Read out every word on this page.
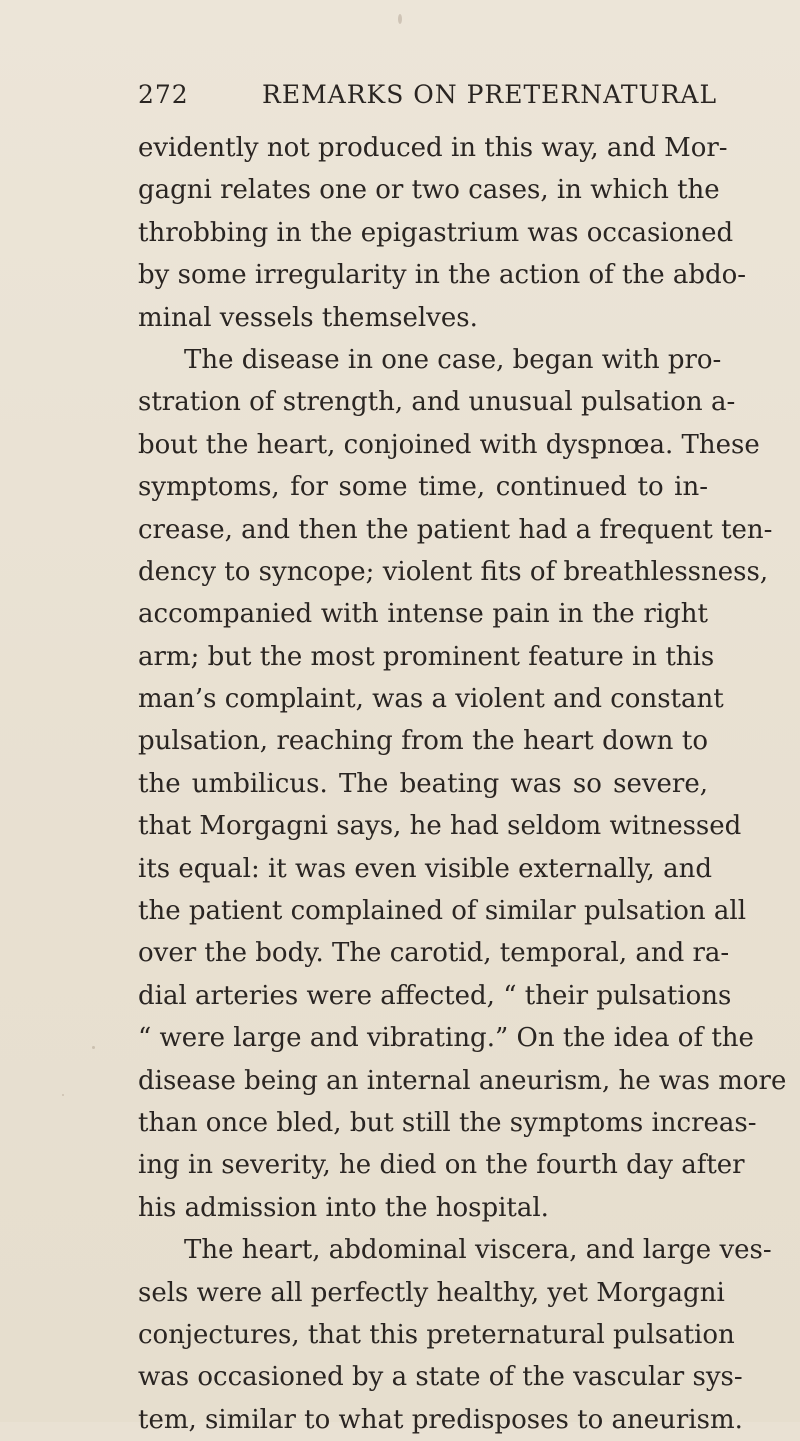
272	REMARKS ON PRETERNATURAL
evidently not produced in this way, and Mor-
gagni relates one or two cases, in which the
throbbing in the epigastrium was occasioned
by some irregularity in the action of the abdo-
minal vessels themselves.
The disease in one case, began with pro-
stration of strength, and unusual pulsation a-
bout the heart, conjoined with dyspnœa. These
symptoms, for some time, continued to in-
crease, and then the patient had a frequent ten-
dency to syncope; violent fits of breathlessness,
accompanied with intense pain in the right
arm; but the most prominent feature in this
man’s complaint, was a violent and constant
pulsation, reaching from the heart down to
the umbilicus. The beating was so severe,
that Morgagni says, he had seldom witnessed
its equal: it was even visible externally, and
the patient complained of similar pulsation all
over the body. The carotid, temporal, and ra-
dial arteries were affected, “ their pulsations
“ were large and vibrating.” On the idea of the
disease being an internal aneurism, he was more
than once bled, but still the symptoms increas-
ing in severity, he died on the fourth day after
his admission into the hospital.
The heart, abdominal viscera, and large ves-
sels were all perfectly healthy, yet Morgagni
conjectures, that this preternatural pulsation
was occasioned by a state of the vascular sys-
tem, similar to what predisposes to aneurism.
